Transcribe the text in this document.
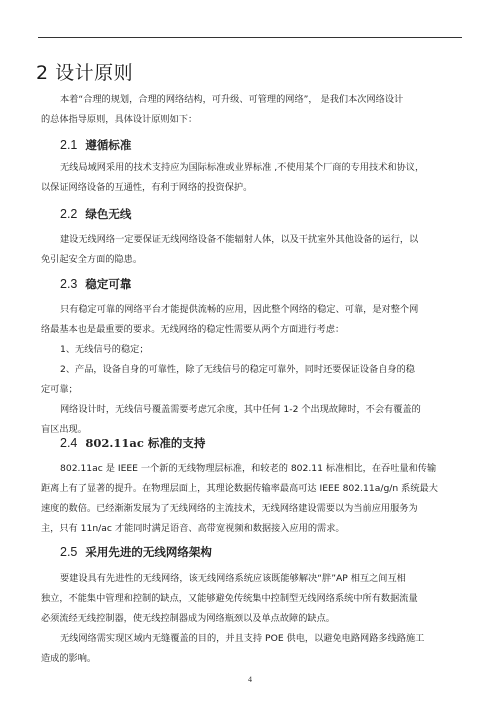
2 设计原则
本着“合理的规划，合理的网络结构，可升级、可管理的网络”， 是我们本次网络设计
的总体指导原则，具体设计原则如下：
2.1 遵循标准
无线局域网采用的技术支持应为国际标准或业界标准 ,不使用某个厂商的专用技术和协议，
以保证网络设备的互通性，有利于网络的投资保护。
2.2 绿色无线
建设无线网络一定要保证无线网络设备不能辐射人体，以及干扰室外其他设备的运行，以
免引起安全方面的隐患。
2.3 稳定可靠
只有稳定可靠的网络平台才能提供流畅的应用，因此整个网络的稳定、可靠，是对整个网
络最基本也是最重要的要求。无线网络的稳定性需要从两个方面进行考虑：
1、无线信号的稳定；
2、产品，设备自身的可靠性，除了无线信号的稳定可靠外，同时还要保证设备自身的稳
定可靠；
网络设计时，无线信号覆盖需要考虑冗余度，其中任何 1-2 个出现故障时，不会有覆盖的
盲区出现。
2.4 802.11ac 标准的支持
802.11ac 是 IEEE 一个新的无线物理层标准，和较老的 802.11 标准相比，在吞吐量和传输
距离上有了显著的提升。在物理层面上，其理论数据传输率最高可达 IEEE 802.11a/g/n 系统最大
速度的数倍。已经渐渐发展为了无线网络的主流技术，无线网络建设需要以为当前应用服务为
主，只有 11n/ac 才能同时满足语音、高带宽视频和数据接入应用的需求。
2.5 采用先进的无线网络架构
要建设具有先进性的无线网络，该无线网络系统应该既能够解决“胖”AP 相互之间互相
独立，不能集中管理和控制的缺点，又能够避免传统集中控制型无线网络系统中所有数据流量
必须流经无线控制器，使无线控制器成为网络瓶颈以及单点故障的缺点。
无线网络需实现区域内无缝覆盖的目的，并且支持 POE 供电，以避免电路网路多线路施工
造成的影响。
4
